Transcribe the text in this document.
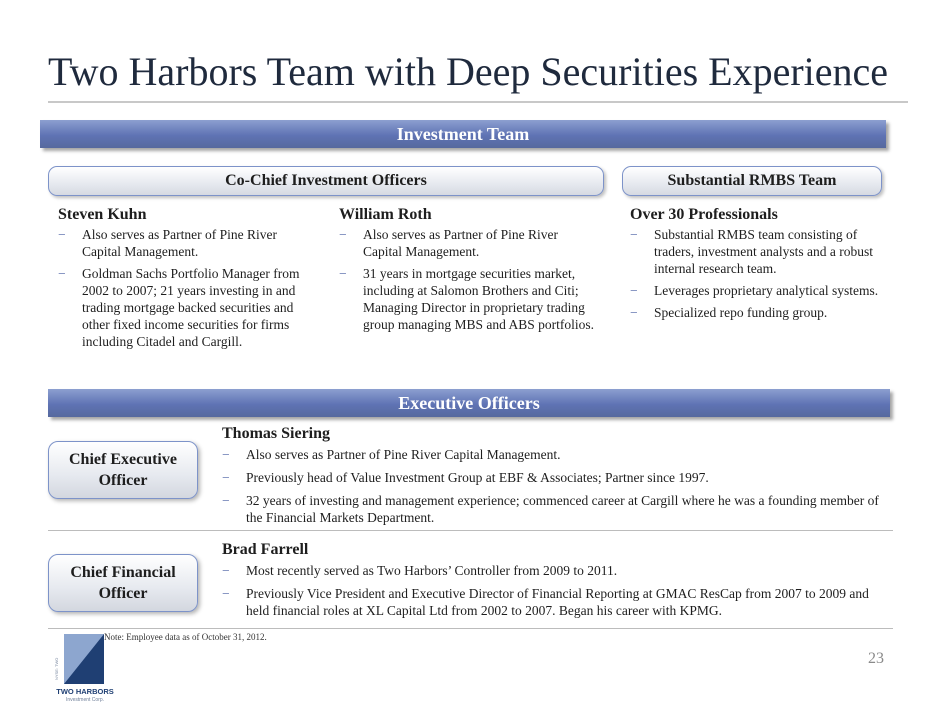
Two Harbors Team with Deep Securities Experience
Investment Team
Co-Chief Investment Officers	Substantial RMBS Team
Steven Kuhn
− Also serves as Partner of Pine River Capital Management.
− Goldman Sachs Portfolio Manager from 2002 to 2007; 21 years investing in and trading mortgage backed securities and other fixed income securities for firms including Citadel and Cargill.
William Roth
− Also serves as Partner of Pine River Capital Management.
− 31 years in mortgage securities market, including at Salomon Brothers and Citi; Managing Director in proprietary trading group managing MBS and ABS portfolios.
Over 30 Professionals
− Substantial RMBS team consisting of traders, investment analysts and a robust internal research team.
− Leverages proprietary analytical systems.
− Specialized repo funding group.
Executive Officers
Chief Executive Officer
Thomas Siering
− Also serves as Partner of Pine River Capital Management.
− Previously head of Value Investment Group at EBF & Associates; Partner since 1997.
− 32 years of investing and management experience; commenced career at Cargill where he was a founding member of the Financial Markets Department.
Chief Financial Officer
Brad Farrell
− Most recently served as Two Harbors’ Controller from 2009 to 2011.
− Previously Vice President and Executive Director of Financial Reporting at GMAC ResCap from 2007 to 2009 and held financial roles at XL Capital Ltd from 2002 to 2007. Began his career with KPMG.
Note: Employee data as of October 31, 2012.
23
NYSE: TWO
TWO HARBORS
Investment Corp.
